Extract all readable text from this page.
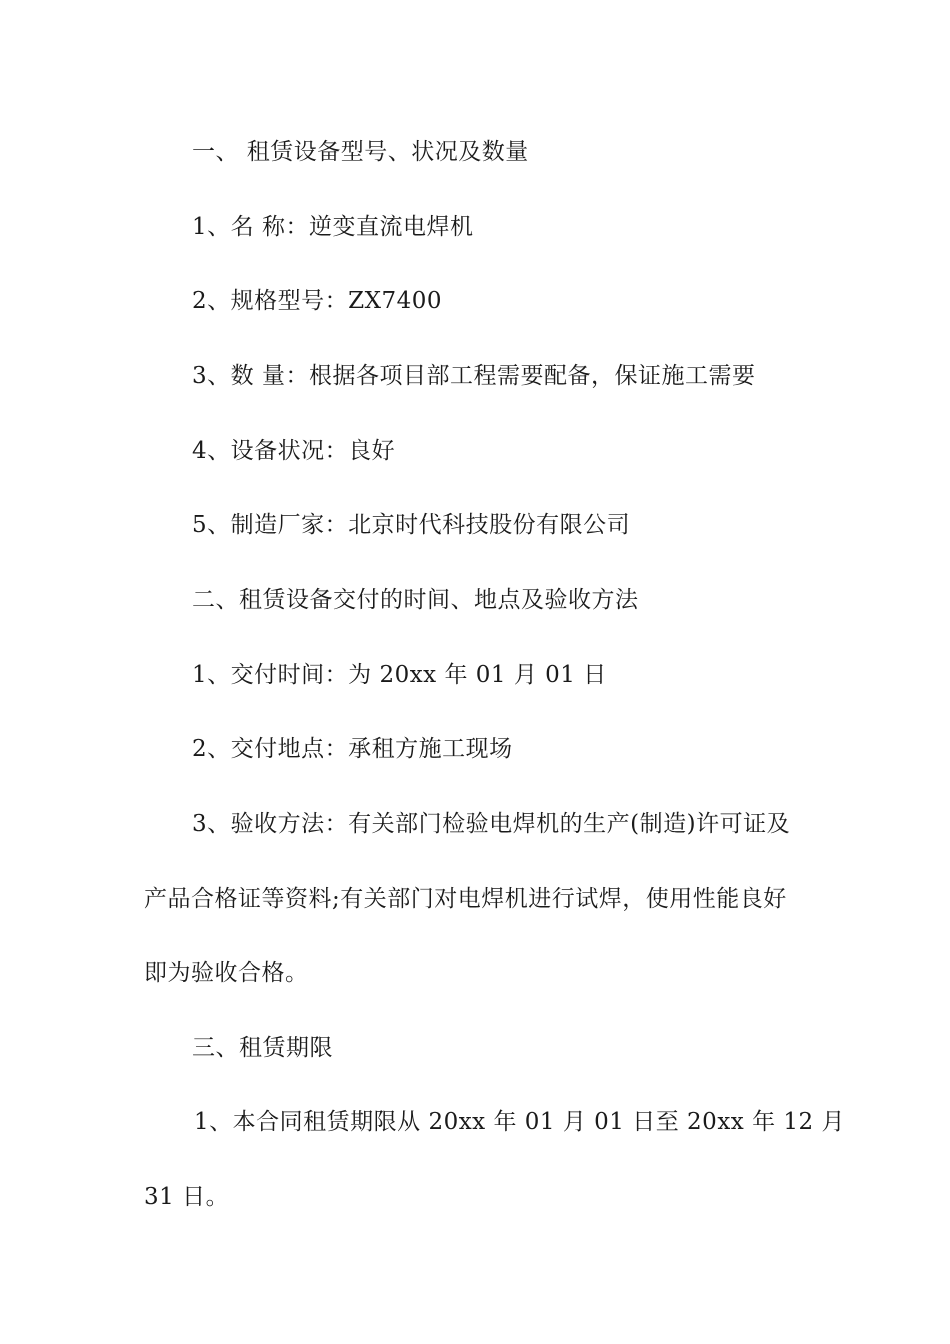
一、 租赁设备型号、状况及数量
1、名 称：逆变直流电焊机
2、规格型号：ZX7400
3、数 量：根据各项目部工程需要配备，保证施工需要
4、设备状况：良好
5、制造厂家：北京时代科技股份有限公司
二、租赁设备交付的时间、地点及验收方法
1、交付时间：为 20xx 年 01 月 01 日
2、交付地点：承租方施工现场
3、验收方法：有关部门检验电焊机的生产(制造)许可证及
产品合格证等资料;有关部门对电焊机进行试焊，使用性能良好
即为验收合格。
三、租赁期限
1、本合同租赁期限从 20xx 年 01 月 01 日至 20xx 年 12 月
31 日。
